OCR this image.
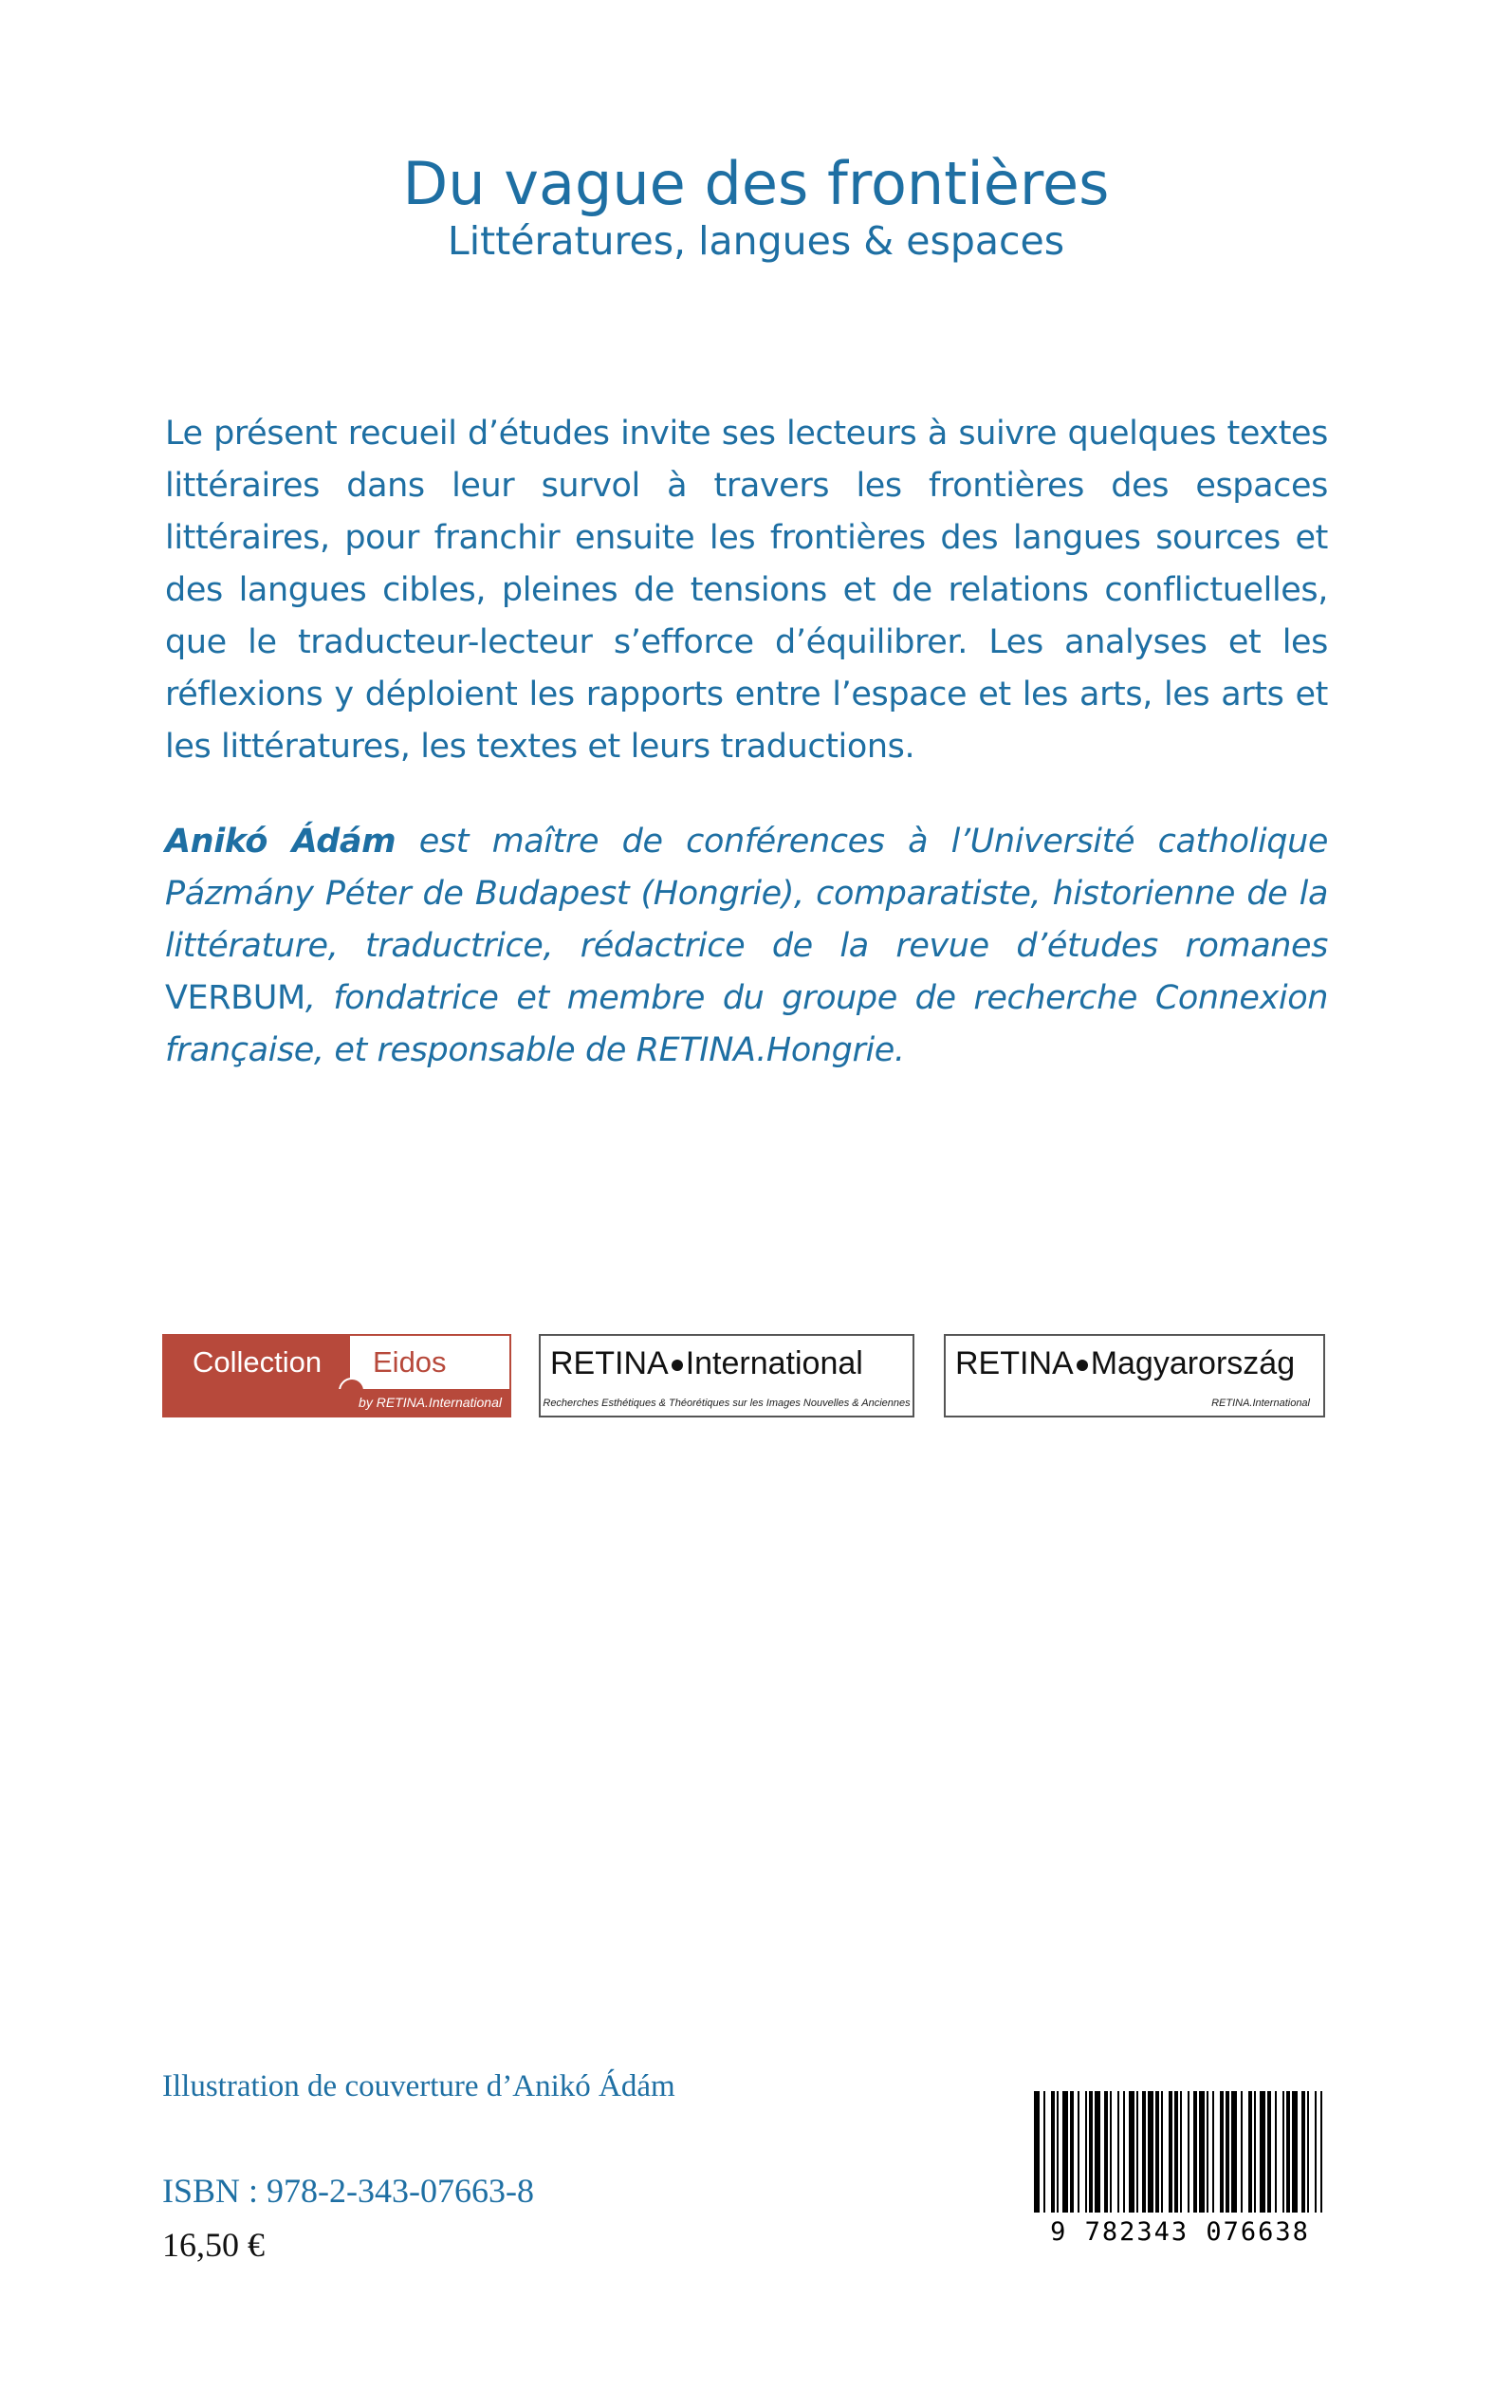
Du vague des frontières
Littératures, langues & espaces
Le présent recueil d’études invite ses lecteurs à suivre quelques textes littéraires dans leur survol à travers les frontières des espaces littéraires, pour franchir ensuite les frontières des langues sources et des langues cibles, pleines de tensions et de relations conflictuelles, que le traducteur-lecteur s’efforce d’équilibrer. Les analyses et les réflexions y déploient les rapports entre l’espace et les arts, les arts et les littératures, les textes et leurs traductions.
Anikó Ádám est maître de conférences à l’Université catholique Pázmány Péter de Budapest (Hongrie), comparatiste, historienne de la littérature, traductrice, rédactrice de la revue d’études romanes VERBUM, fondatrice et membre du groupe de recherche Connexion française, et responsable de RETINA.Hongrie.
Collection	Eidos
by RETINA.International
RETINA International
Recherches Esthétiques & Théorétiques sur les Images Nouvelles & Anciennes
RETINA Magyarország
RETINA.International
Illustration de couverture d’Anikó Ádám
ISBN : 978-2-343-07663-8
16,50 €	9 782343 076638
